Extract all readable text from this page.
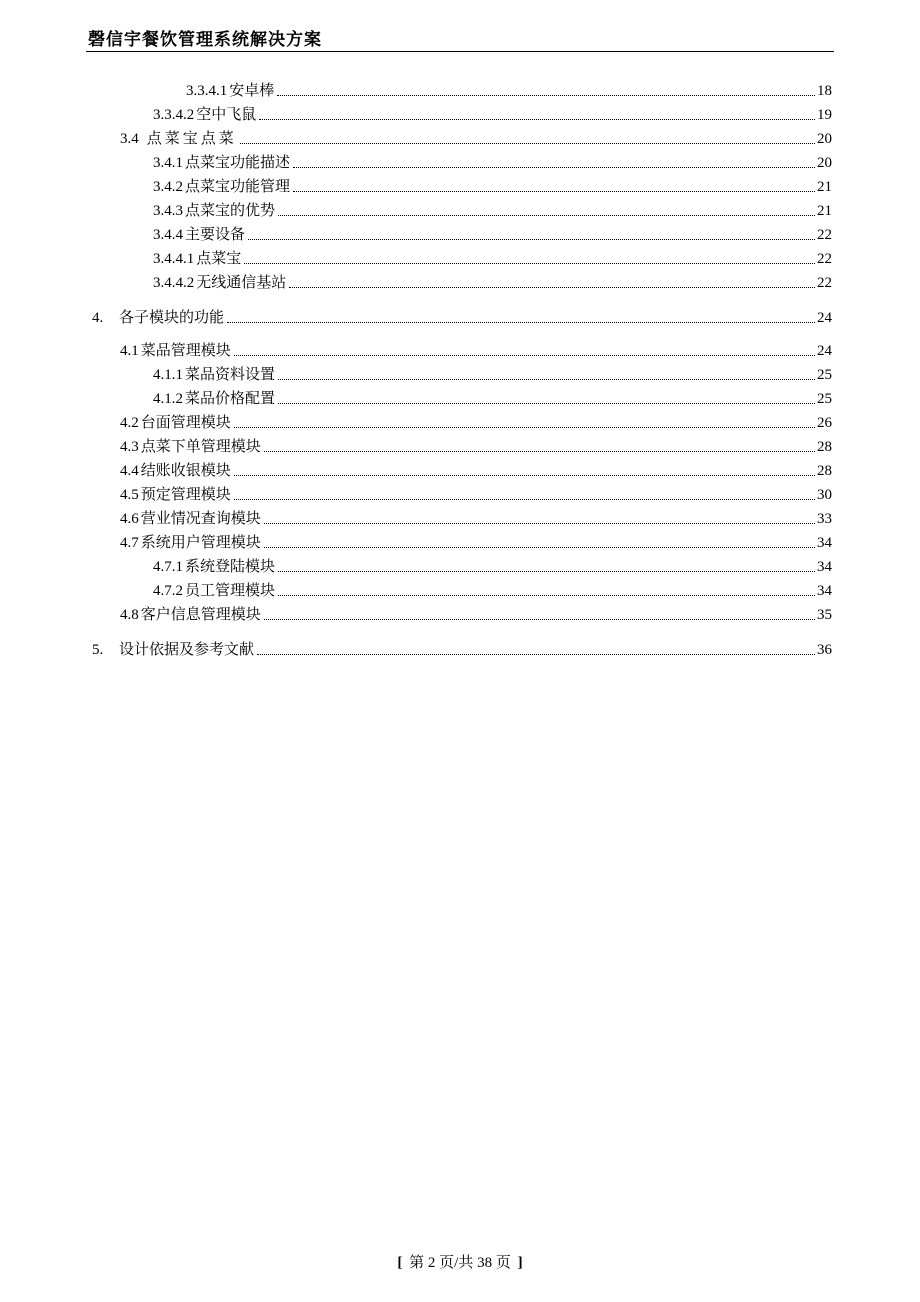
磬信宇餐饮管理系统解决方案
3.3.4.1 安卓棒	18
3.3.4.2 空中飞鼠	19
3.4 点菜宝点菜	20
3.4.1 点菜宝功能描述	20
3.4.2 点菜宝功能管理	21
3.4.3 点菜宝的优势	21
3.4.4 主要设备	22
3.4.4.1 点菜宝	22
3.4.4.2 无线通信基站	22
4.	各子模块的功能	24
4.1 菜品管理模块	24
4.1.1 菜品资料设置	25
4.1.2 菜品价格配置	25
4.2 台面管理模块	26
4.3 点菜下单管理模块	28
4.4 结账收银模块	28
4.5 预定管理模块	30
4.6 营业情况查询模块	33
4.7 系统用户管理模块	34
4.7.1 系统登陆模块	34
4.7.2 员工管理模块	34
4.8 客户信息管理模块	35
5.	设计依据及参考文献	36
[ 第 2 页/共 38 页 ]
